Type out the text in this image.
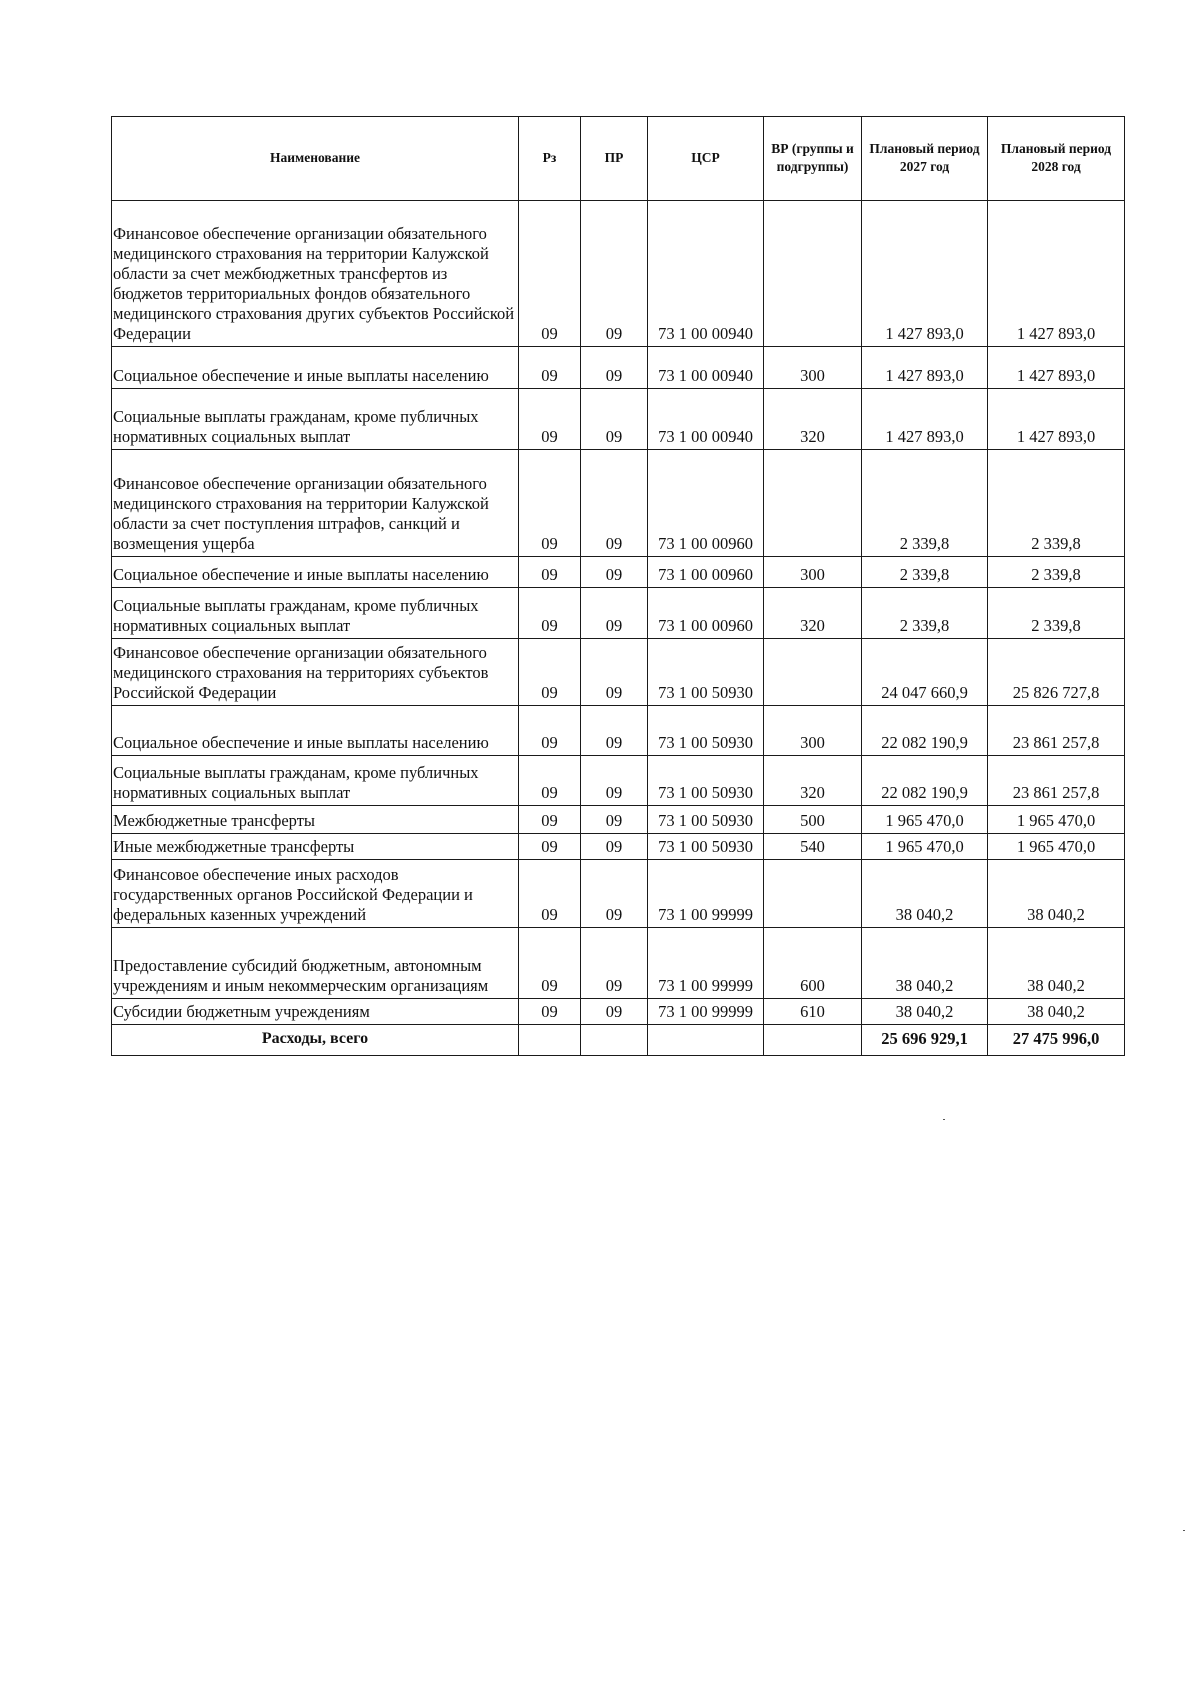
Наименование	Рз	ПР	ЦСР	ВР (группы и подгруппы)	Плановый период 2027 год	Плановый период 2028 год
Финансовое обеспечение организации обязательного медицинского страхования на территории Калужской области за счет межбюджетных трансфертов из бюджетов территориальных фондов обязательного медицинского страхования других субъектов Российской Федерации	09	09	73 1 00 00940		1 427 893,0	1 427 893,0
Социальное обеспечение и иные выплаты населению	09	09	73 1 00 00940	300	1 427 893,0	1 427 893,0
Социальные выплаты гражданам, кроме публичных нормативных социальных выплат	09	09	73 1 00 00940	320	1 427 893,0	1 427 893,0
Финансовое обеспечение организации обязательного медицинского страхования на территории Калужской области за счет поступления штрафов, санкций и возмещения ущерба	09	09	73 1 00 00960		2 339,8	2 339,8
Социальное обеспечение и иные выплаты населению	09	09	73 1 00 00960	300	2 339,8	2 339,8
Социальные выплаты гражданам, кроме публичных нормативных социальных выплат	09	09	73 1 00 00960	320	2 339,8	2 339,8
Финансовое обеспечение организации обязательного медицинского страхования на территориях субъектов Российской Федерации	09	09	73 1 00 50930		24 047 660,9	25 826 727,8
Социальное обеспечение и иные выплаты населению	09	09	73 1 00 50930	300	22 082 190,9	23 861 257,8
Социальные выплаты гражданам, кроме публичных нормативных социальных выплат	09	09	73 1 00 50930	320	22 082 190,9	23 861 257,8
Межбюджетные трансферты	09	09	73 1 00 50930	500	1 965 470,0	1 965 470,0
Иные межбюджетные трансферты	09	09	73 1 00 50930	540	1 965 470,0	1 965 470,0
Финансовое обеспечение иных расходов государственных органов Российской Федерации и федеральных казенных учреждений	09	09	73 1 00 99999		38 040,2	38 040,2
Предоставление субсидий бюджетным, автономным учреждениям и иным некоммерческим организациям	09	09	73 1 00 99999	600	38 040,2	38 040,2
Субсидии бюджетным учреждениям	09	09	73 1 00 99999	610	38 040,2	38 040,2
Расходы, всего					25 696 929,1	27 475 996,0
